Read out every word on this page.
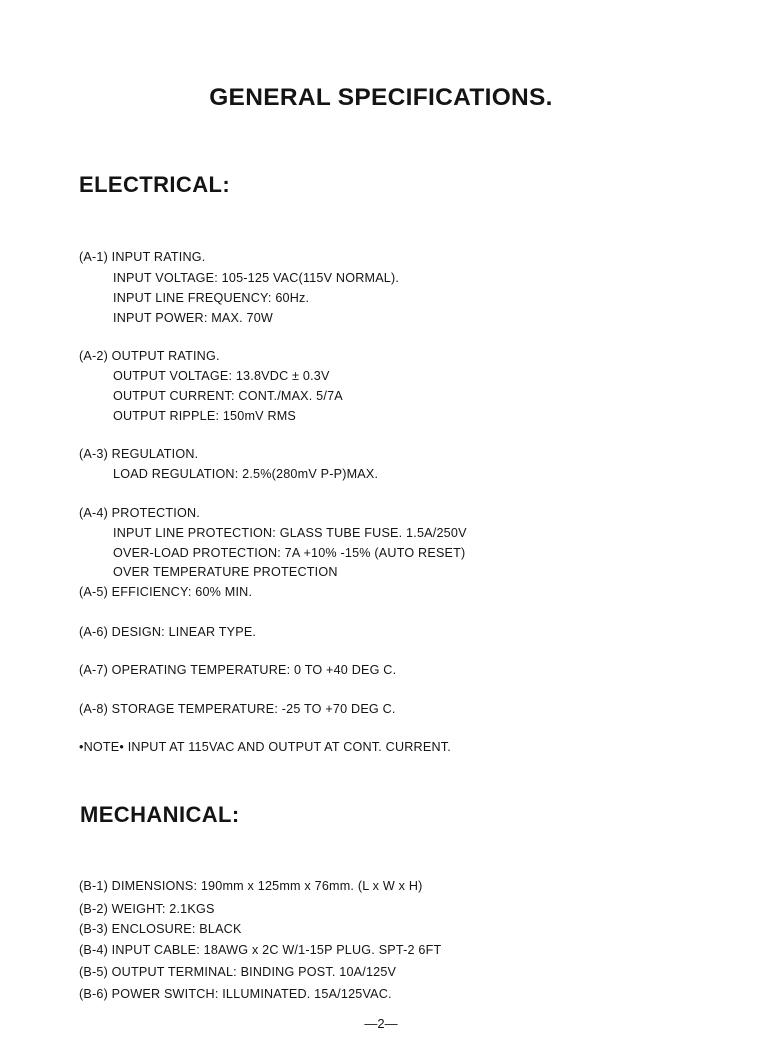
GENERAL SPECIFICATIONS.
ELECTRICAL:
(A-1) INPUT RATING.
INPUT VOLTAGE: 105-125 VAC(115V NORMAL).
INPUT LINE FREQUENCY: 60Hz.
INPUT POWER: MAX. 70W
(A-2) OUTPUT RATING.
OUTPUT VOLTAGE: 13.8VDC ± 0.3V
OUTPUT CURRENT: CONT./MAX. 5/7A
OUTPUT RIPPLE: 150mV RMS
(A-3) REGULATION.
LOAD REGULATION: 2.5%(280mV P-P)MAX.
(A-4) PROTECTION.
INPUT LINE PROTECTION: GLASS TUBE FUSE. 1.5A/250V
OVER-LOAD PROTECTION: 7A +10% -15% (AUTO RESET)
OVER TEMPERATURE PROTECTION
(A-5) EFFICIENCY: 60% MIN.
(A-6) DESIGN: LINEAR TYPE.
(A-7) OPERATING TEMPERATURE: 0 TO +40 DEG C.
(A-8) STORAGE TEMPERATURE: -25 TO +70 DEG C.
•NOTE• INPUT AT 115VAC AND OUTPUT AT CONT. CURRENT.
MECHANICAL:
(B-1) DIMENSIONS: 190mm x 125mm x 76mm. (L x W x H)
(B-2) WEIGHT: 2.1KGS
(B-3) ENCLOSURE: BLACK
(B-4) INPUT CABLE: 18AWG x 2C W/1-15P PLUG. SPT-2 6FT
(B-5) OUTPUT TERMINAL: BINDING POST. 10A/125V
(B-6) POWER SWITCH: ILLUMINATED. 15A/125VAC.
—2—
